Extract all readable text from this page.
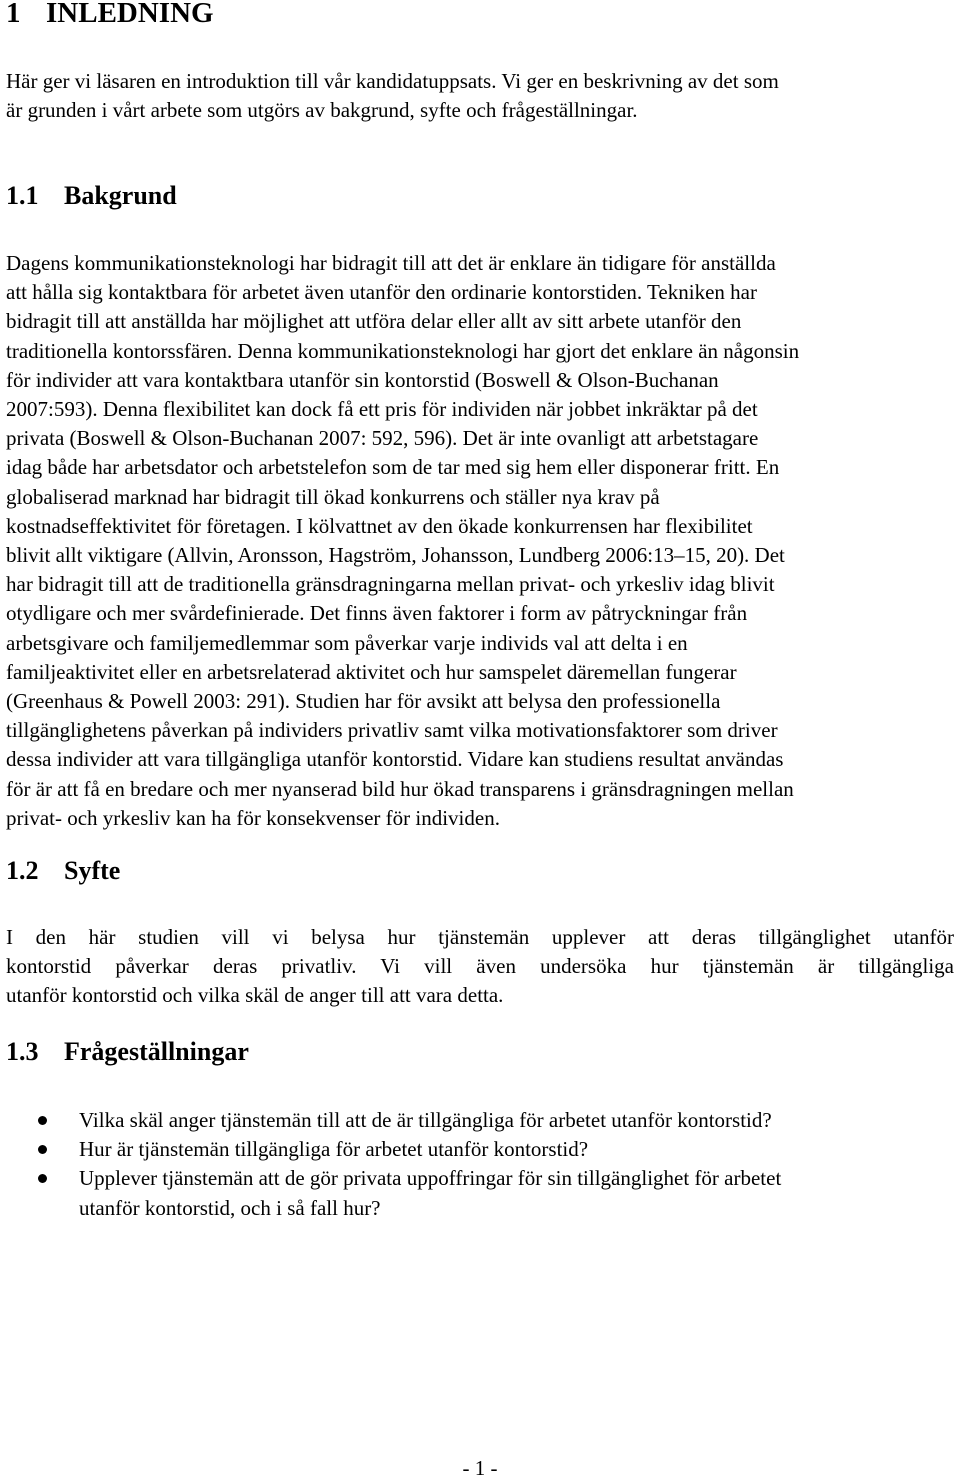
1 INLEDNING

Här ger vi läsaren en introduktion till vår kandidatuppsats. Vi ger en beskrivning av det som
är grunden i vårt arbete som utgörs av bakgrund, syfte och frågeställningar.

1.1 Bakgrund

Dagens kommunikationsteknologi har bidragit till att det är enklare än tidigare för anställda
att hålla sig kontaktbara för arbetet även utanför den ordinarie kontorstiden. Tekniken har
bidragit till att anställda har möjlighet att utföra delar eller allt av sitt arbete utanför den
traditionella kontorssfären. Denna kommunikationsteknologi har gjort det enklare än någonsin
för individer att vara kontaktbara utanför sin kontorstid (Boswell & Olson-Buchanan
2007:593). Denna flexibilitet kan dock få ett pris för individen när jobbet inkräktar på det
privata (Boswell & Olson-Buchanan 2007: 592, 596). Det är inte ovanligt att arbetstagare
idag både har arbetsdator och arbetstelefon som de tar med sig hem eller disponerar fritt. En
globaliserad marknad har bidragit till ökad konkurrens och ställer nya krav på
kostnadseffektivitet för företagen. I kölvattnet av den ökade konkurrensen har flexibilitet
blivit allt viktigare (Allvin, Aronsson, Hagström, Johansson, Lundberg 2006:13–15, 20). Det
har bidragit till att de traditionella gränsdragningarna mellan privat- och yrkesliv idag blivit
otydligare och mer svårdefinierade. Det finns även faktorer i form av påtryckningar från
arbetsgivare och familjemedlemmar som påverkar varje individs val att delta i en
familjeaktivitet eller en arbetsrelaterad aktivitet och hur samspelet däremellan fungerar
(Greenhaus & Powell 2003: 291). Studien har för avsikt att belysa den professionella
tillgänglighetens påverkan på individers privatliv samt vilka motivationsfaktorer som driver
dessa individer att vara tillgängliga utanför kontorstid. Vidare kan studiens resultat användas
för är att få en bredare och mer nyanserad bild hur ökad transparens i gränsdragningen mellan
privat- och yrkesliv kan ha för konsekvenser för individen.

1.2 Syfte

I den här studien vill vi belysa hur tjänstemän upplever att deras tillgänglighet utanför
kontorstid påverkar deras privatliv. Vi vill även undersöka hur tjänstemän är tillgängliga
utanför kontorstid och vilka skäl de anger till att vara detta.

1.3 Frågeställningar
Vilka skäl anger tjänstemän till att de är tillgängliga för arbetet utanför kontorstid?
Hur är tjänstemän tillgängliga för arbetet utanför kontorstid?
Upplever tjänstemän att de gör privata uppoffringar för sin tillgänglighet för arbetet
utanför kontorstid, och i så fall hur?
- 1 -
